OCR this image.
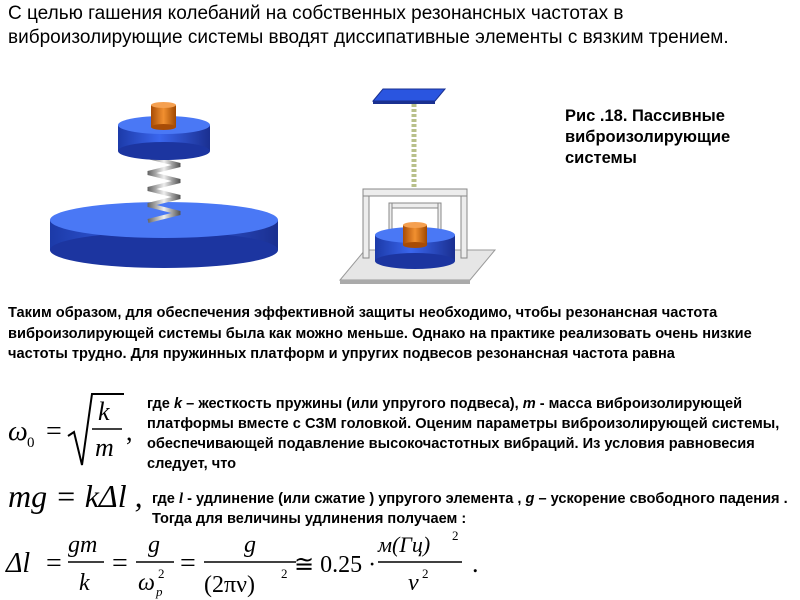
С целью гашения колебаний на собственных резонансных частотах в виброизолирующие системы вводят диссипативные элементы с вязким трением.
Рис .18. Пассивные виброизолирующие системы
Таким образом, для обеспечения эффективной защиты необходимо, чтобы резонансная частота виброизолирующей системы была как можно меньше. Однако на практике реализовать очень низкие частоты трудно. Для пружинных платформ и упругих подвесов резонансная частота равна
ω 0 =
k
m
,
где k – жесткость пружины (или упругого подвеса), m - масса виброизолирующей платформы вместе с СЗМ головкой. Оценим параметры виброизолирующей системы, обеспечивающей подавление высокочастотных вибраций. Из условия равновесия следует, что
mg = kΔl , где l - удлинение (или сжатие ) упругого элемента , g – ускорение свободного падения . Тогда для величины удлинения получаем :
Δl =
gm
k
=
g
ω p
2 =
g
(2πν) 2 ≅ 0.25 ·
м(Гц) 2
ν 2 .
